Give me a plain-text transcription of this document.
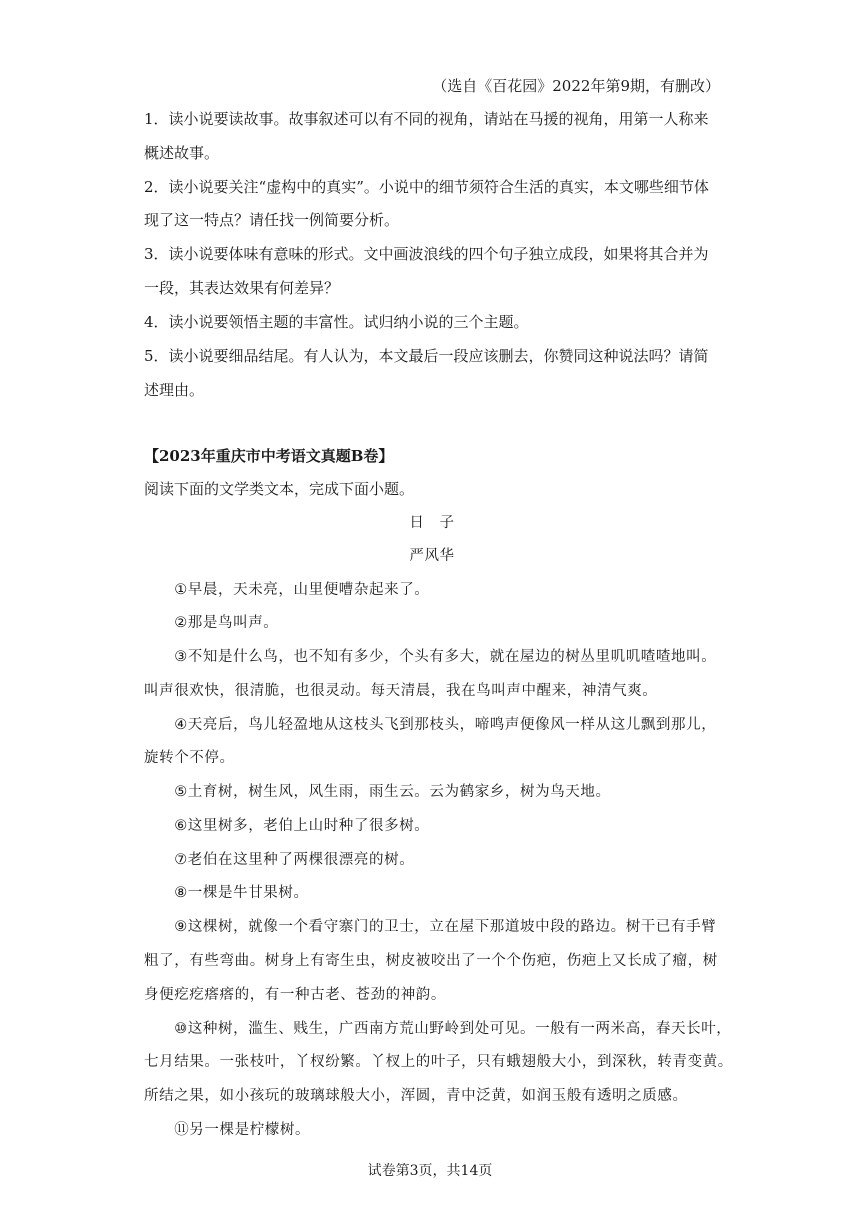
（选自《百花园》2022年第9期，有删改）
1．读小说要读故事。故事叙述可以有不同的视角，请站在马援的视角，用第一人称来
概述故事。
2．读小说要关注“虚构中的真实”。小说中的细节须符合生活的真实，本文哪些细节体
现了这一特点？请任找一例简要分析。
3．读小说要体味有意味的形式。文中画波浪线的四个句子独立成段，如果将其合并为
一段，其表达效果有何差异？
4．读小说要领悟主题的丰富性。试归纳小说的三个主题。
5．读小说要细品结尾。有人认为，本文最后一段应该删去，你赞同这种说法吗？请简
述理由。
【2023年重庆市中考语文真题B卷】
阅读下面的文学类文本，完成下面小题。
日　子
严风华
　　①早晨，天未亮，山里便嘈杂起来了。
　　②那是鸟叫声。
　　③不知是什么鸟，也不知有多少，个头有多大，就在屋边的树丛里叽叽喳喳地叫。
叫声很欢快，很清脆，也很灵动。每天清晨，我在鸟叫声中醒来，神清气爽。
　　④天亮后，鸟儿轻盈地从这枝头飞到那枝头，啼鸣声便像风一样从这儿飘到那儿，
旋转个不停。
　　⑤土育树，树生风，风生雨，雨生云。云为鹤家乡，树为鸟天地。
　　⑥这里树多，老伯上山时种了很多树。
　　⑦老伯在这里种了两棵很漂亮的树。
　　⑧一棵是牛甘果树。
　　⑨这棵树，就像一个看守寨门的卫士，立在屋下那道坡中段的路边。树干已有手臂
粗了，有些弯曲。树身上有寄生虫，树皮被咬出了一个个伤疤，伤疤上又长成了瘤，树
身便疙疙瘩瘩的，有一种古老、苍劲的神韵。
　　⑩这种树，滥生、贱生，广西南方荒山野岭到处可见。一般有一两米高，春天长叶，
七月结果。一张枝叶，丫杈纷繁。丫杈上的叶子，只有蛾翅般大小，到深秋，转青变黄。
所结之果，如小孩玩的玻璃球般大小，浑圆，青中泛黄，如润玉般有透明之质感。
　　⑪另一棵是柠檬树。
试卷第3页，共14页
